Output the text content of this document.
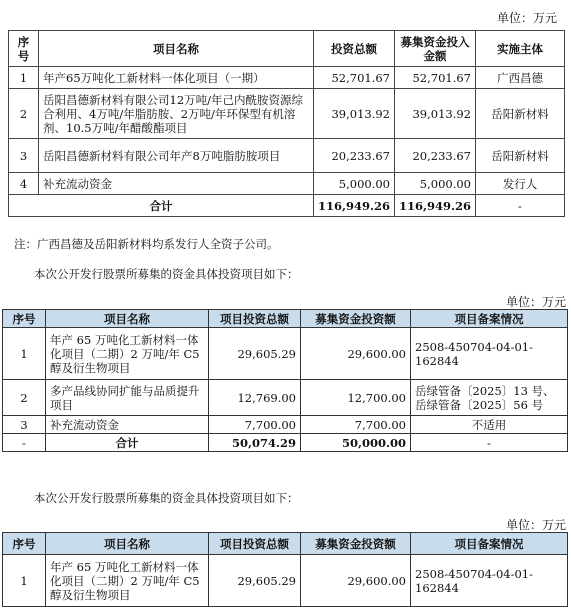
单位：万元
序号	项目名称	投资总额	募集资金投入金额	实施主体
1	年产65万吨化工新材料一体化项目（一期）	52,701.67	52,701.67	广西昌德
2	岳阳昌德新材料有限公司12万吨/年己内酰胺资源综合利用、4万吨/年脂肪胺、2万吨/年环保型有机溶剂、10.5万吨/年醋酸酯项目	39,013.92	39,013.92	岳阳新材料
3	岳阳昌德新材料有限公司年产8万吨脂肪胺项目	20,233.67	20,233.67	岳阳新材料
4	补充流动资金	5,000.00	5,000.00	发行人
合计		116,949.26	116,949.26	-
注：广西昌德及岳阳新材料均系发行人全资子公司。
本次公开发行股票所募集的资金具体投资项目如下：
单位：万元
序号	项目名称	项目投资总额	募集资金投资额	项目备案情况
1	年产 65 万吨化工新材料一体化项目（二期）2 万吨/年 C5 醇及衍生物项目	29,605.29	29,600.00	2508-450704-04-01-162844
2	多产品线协同扩能与品质提升项目	12,769.00	12,700.00	岳绿管备〔2025〕13 号、岳绿管备〔2025〕56 号
3	补充流动资金	7,700.00	7,700.00	不适用
-	合计	50,074.29	50,000.00	-
本次公开发行股票所募集的资金具体投资项目如下：
单位：万元
序号	项目名称	项目投资总额	募集资金投资额	项目备案情况
1	年产 65 万吨化工新材料一体化项目（二期）2 万吨/年 C5 醇及衍生物项目	29,605.29	29,600.00	2508-450704-04-01-162844
